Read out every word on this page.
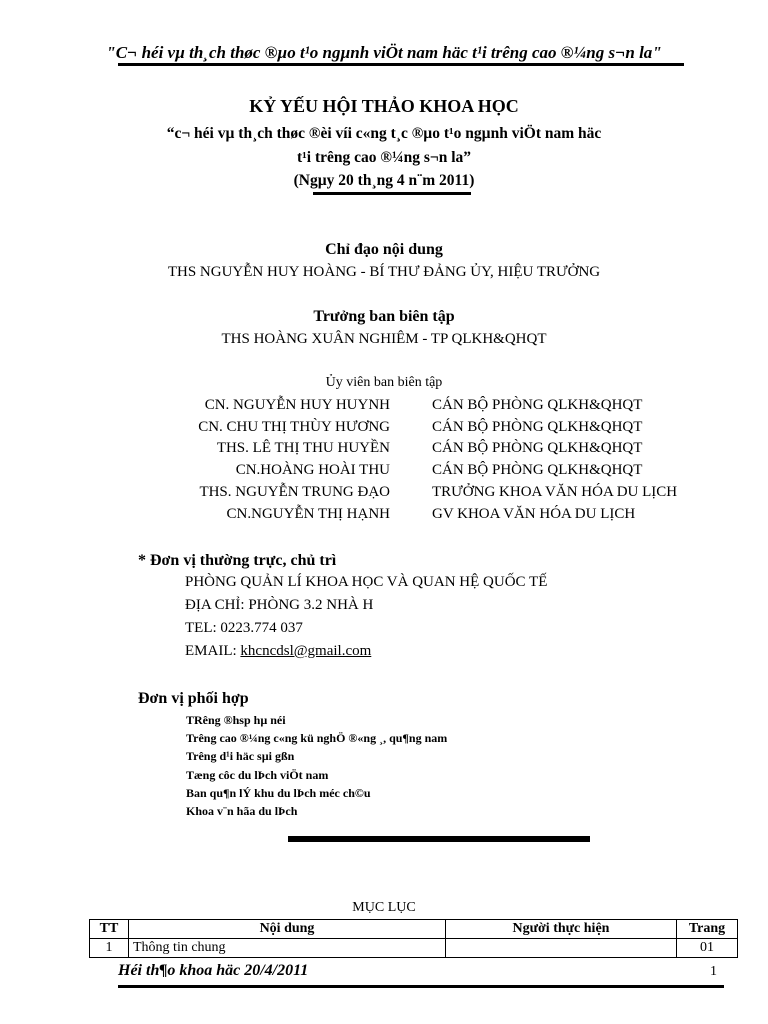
"C¬ héi vµ th¸ch thøc ®µo t¹o ngµnh viÖt nam häc t¹i trêng cao ®¼ng s¬n la"
KỶ YẾU HỘI THẢO KHOA HỌC
“c¬ héi vµ th¸ch thøc ®èi víi c«ng t¸c ®µo t¹o ngµnh viÖt nam häc
t¹i trêng cao ®¼ng s¬n la”
(Ngµy 20 th¸ng 4 n¨m 2011)
Chỉ đạo nội dung
THS NGUYỄN HUY HOÀNG - BÍ THƯ ĐẢNG ỦY, HIỆU TRƯỞNG
Trưởng ban biên tập
THS HOÀNG XUÂN NGHIÊM - TP QLKH&QHQT
Ủy viên ban biên tập
CN. NGUYỄN HUY HUYNH	CÁN BỘ PHÒNG QLKH&QHQT
CN. CHU THỊ THÙY HƯƠNG	CÁN BỘ PHÒNG QLKH&QHQT
THS. LÊ THỊ THU HUYỀN	CÁN BỘ PHÒNG QLKH&QHQT
CN.HOÀNG HOÀI THU	CÁN BỘ PHÒNG QLKH&QHQT
THS. NGUYỄN TRUNG ĐẠO	TRƯỞNG KHOA VĂN HÓA DU LỊCH
CN.NGUYỄN THỊ HẠNH	GV KHOA VĂN HÓA DU LỊCH
* Đơn vị thường trực, chủ trì
PHÒNG QUẢN LÍ KHOA HỌC VÀ QUAN HỆ QUỐC TẾ
ĐỊA CHỈ: PHÒNG 3.2 NHÀ H
TEL: 0223.774 037
EMAIL: khcncdsl@gmail.com
Đơn vị phối hợp
TRêng ®hsp hµ néi
Trêng cao ®¼ng c«ng kü nghÖ ®«ng ¸, qu¶ng nam
Trêng d¹i häc sµi gßn
Tæng côc du lÞch viÖt nam
Ban qu¶n lÝ khu du lÞch méc ch©u
Khoa v¨n hãa du lÞch
MỤC LỤC
TT	Nội dung	Người thực hiện	Trang
1	Thông tin chung		01
Héi th¶o khoa häc 20/4/2011	1
